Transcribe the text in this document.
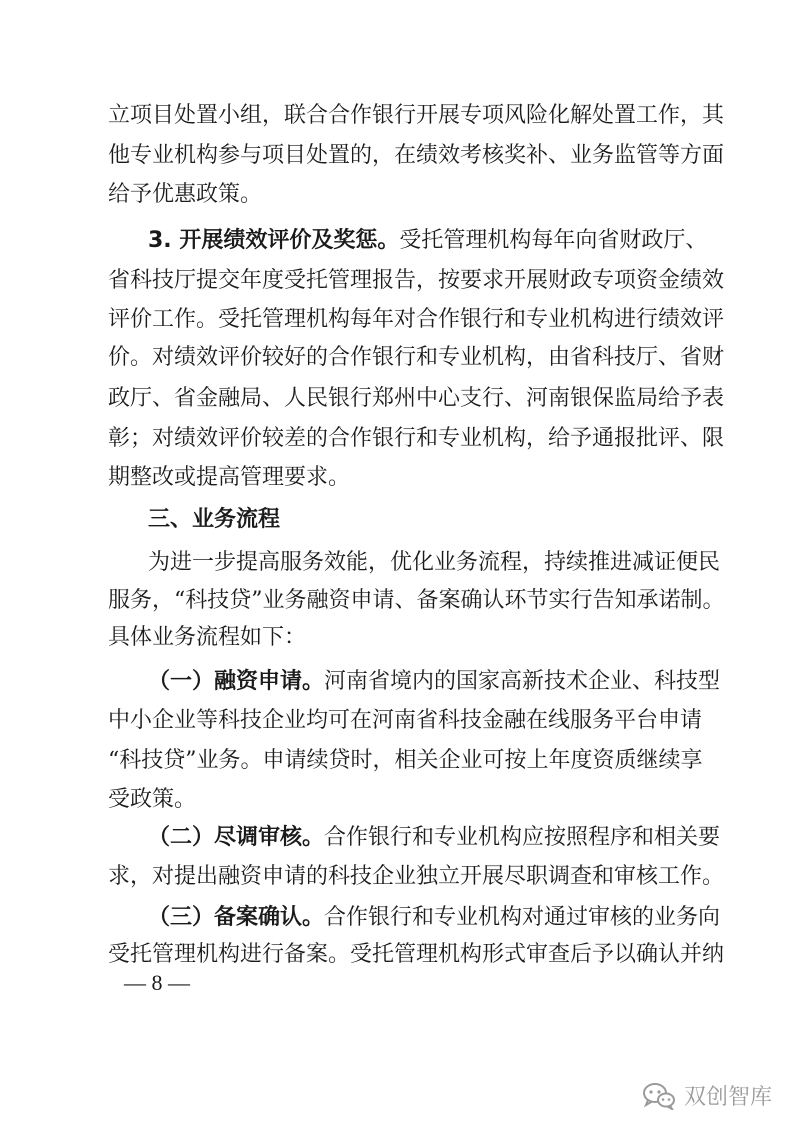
立项目处置小组，联合合作银行开展专项风险化解处置工作，其
他专业机构参与项目处置的，在绩效考核奖补、业务监管等方面
给予优惠政策。
3. 开展绩效评价及奖惩。受托管理机构每年向省财政厅、
省科技厅提交年度受托管理报告，按要求开展财政专项资金绩效
评价工作。受托管理机构每年对合作银行和专业机构进行绩效评
价。对绩效评价较好的合作银行和专业机构，由省科技厅、省财
政厅、省金融局、人民银行郑州中心支行、河南银保监局给予表
彰；对绩效评价较差的合作银行和专业机构，给予通报批评、限
期整改或提高管理要求。
三、业务流程
为进一步提高服务效能，优化业务流程，持续推进减证便民
服务，“科技贷”业务融资申请、备案确认环节实行告知承诺制。
具体业务流程如下：
（一）融资申请。河南省境内的国家高新技术企业、科技型
中小企业等科技企业均可在河南省科技金融在线服务平台申请
“科技贷”业务。申请续贷时，相关企业可按上年度资质继续享
受政策。
（二）尽调审核。合作银行和专业机构应按照程序和相关要
求，对提出融资申请的科技企业独立开展尽职调查和审核工作。
（三）备案确认。合作银行和专业机构对通过审核的业务向
受托管理机构进行备案。受托管理机构形式审查后予以确认并纳
— 8 —
双创智库
